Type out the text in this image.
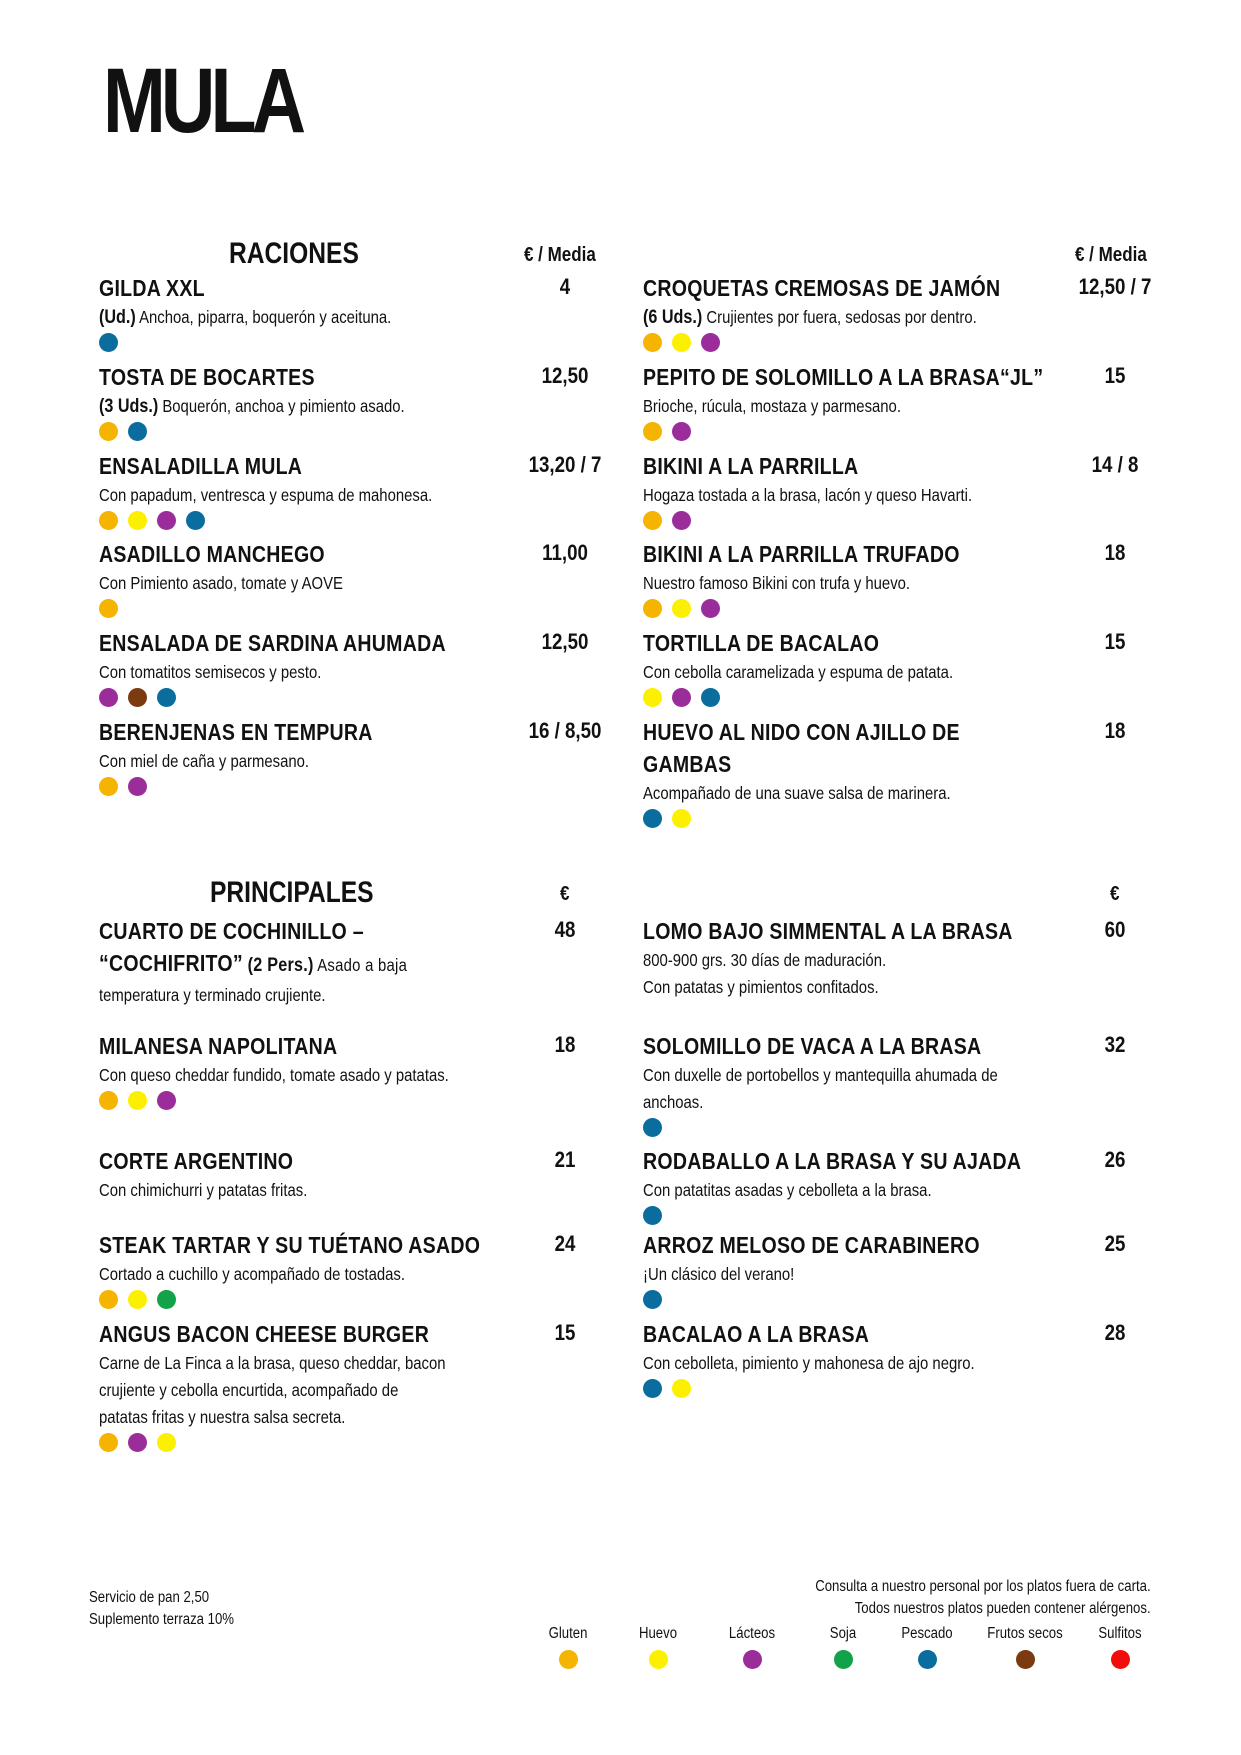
MULA
RACIONES	€ / Media	€ / Media
GILDA XXL
(Ud.) Anchoa, piparra, boquerón y aceituna.
4
TOSTA DE BOCARTES
(3 Uds.) Boquerón, anchoa y pimiento asado.
12,50
ENSALADILLA MULA
Con papadum, ventresca y espuma de mahonesa.
13,20 / 7
ASADILLO MANCHEGO
Con Pimiento asado, tomate y AOVE
11,00
ENSALADA DE SARDINA AHUMADA
Con tomatitos semisecos y pesto.
12,50
BERENJENAS EN TEMPURA
Con miel de caña y parmesano.
16 / 8,50
CROQUETAS CREMOSAS DE JAMÓN
(6 Uds.) Crujientes por fuera, sedosas por dentro.
12,50 / 7
PEPITO DE SOLOMILLO A LA BRASA“JL”
Brioche, rúcula, mostaza y parmesano.
15
BIKINI A LA PARRILLA
Hogaza tostada a la brasa, lacón y queso Havarti.
14 / 8
BIKINI A LA PARRILLA TRUFADO
Nuestro famoso Bikini con trufa y huevo.
18
TORTILLA DE BACALAO
Con cebolla caramelizada y espuma de patata.
15
HUEVO AL NIDO CON AJILLO DE
GAMBAS
Acompañado de una suave salsa de marinera.
18
PRINCIPALES	€	€
CUARTO DE COCHINILLO –
“COCHIFRITO” (2 Pers.) Asado a baja
temperatura y terminado crujiente.
48
MILANESA NAPOLITANA
Con queso cheddar fundido, tomate asado y patatas.
18
CORTE ARGENTINO
Con chimichurri y patatas fritas.
21
STEAK TARTAR Y SU TUÉTANO ASADO
Cortado a cuchillo y acompañado de tostadas.
24
ANGUS BACON CHEESE BURGER
Carne de La Finca a la brasa, queso cheddar, bacon
crujiente y cebolla encurtida, acompañado de
patatas fritas y nuestra salsa secreta.
15
LOMO BAJO SIMMENTAL A LA BRASA
800-900 grs. 30 días de maduración.
Con patatas y pimientos confitados.
60
SOLOMILLO DE VACA A LA BRASA
Con duxelle de portobellos y mantequilla ahumada de
anchoas.
32
RODABALLO A LA BRASA Y SU AJADA
Con patatitas asadas y cebolleta a la brasa.
26
ARROZ MELOSO DE CARABINERO
¡Un clásico del verano!
25
BACALAO A LA BRASA
Con cebolleta, pimiento y mahonesa de ajo negro.
28
Servicio de pan 2,50
Suplemento terraza 10%
Consulta a nuestro personal por los platos fuera de carta.
Todos nuestros platos pueden contener alérgenos.
Gluten	Huevo	Lácteos	Soja	Pescado	Frutos secos	Sulfitos
